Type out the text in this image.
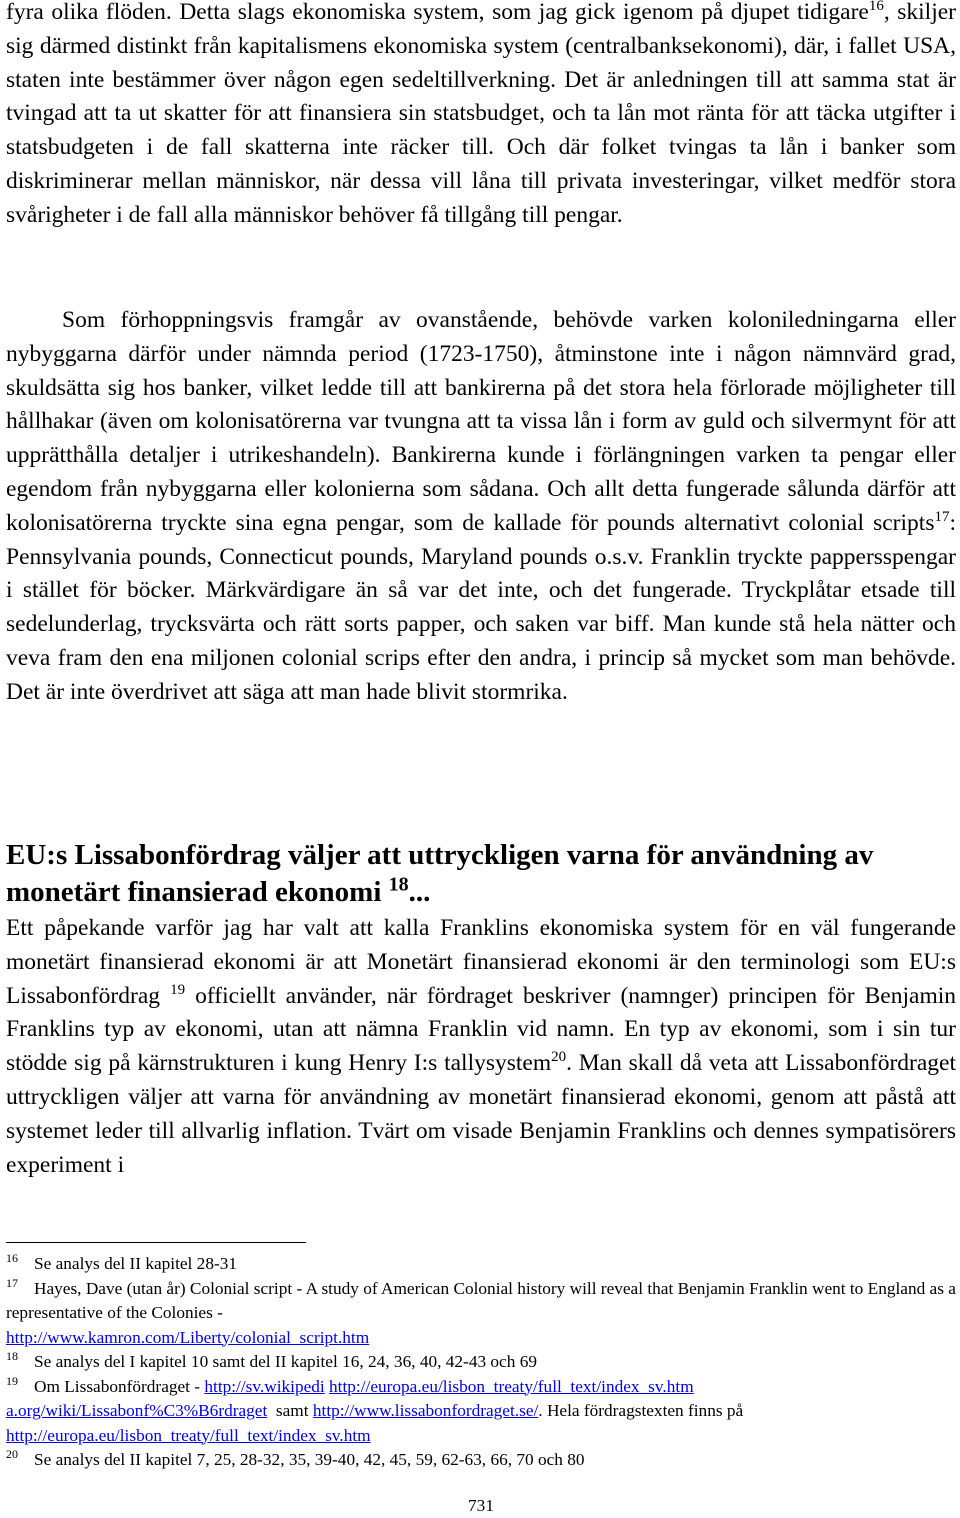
fyra olika flöden. Detta slags ekonomiska system, som jag gick igenom på djupet tidigare$^{16}$, skiljer sig därmed distinkt från kapitalismens ekonomiska system (centralbanksekonomi), där, i fallet USA, staten inte bestämmer över någon egen sedeltillverkning. Det är anledningen till att samma stat är tvingad att ta ut skatter för att finansiera sin statsbudget, och ta lån mot ränta för att täcka utgifter i statsbudgeten i de fall skatterna inte räcker till. Och där folket tvingas ta lån i banker som diskriminerar mellan människor, när dessa vill låna till privata investeringar, vilket medför stora svårigheter i de fall alla människor behöver få tillgång till pengar.

Som förhoppningsvis framgår av ovanstående, behövde varken koloniledningarna eller nybyggarna därför under nämnda period (1723-1750), åtminstone inte i någon nämnvärd grad, skuldsätta sig hos banker, vilket ledde till att bankirerna på det stora hela förlorade möjligheter till hållhakar (även om kolonisatörerna var tvungna att ta vissa lån i form av guld och silvermynt för att upprätthålla detaljer i utrikeshandeln). Bankirerna kunde i förlängningen varken ta pengar eller egendom från nybyggarna eller kolonierna som sådana. Och allt detta fungerade sålunda därför att kolonisatörerna tryckte sina egna pengar, som de kallade för pounds alternativt colonial scripts$^{17}$: Pennsylvania pounds, Connecticut pounds, Maryland pounds o.s.v. Franklin tryckte pappersspengar i stället för böcker. Märkvärdigare än så var det inte, och det fungerade. Tryckplåtar etsade till sedelunderlag, trycksvärta och rätt sorts papper, och saken var biff. Man kunde stå hela nätter och veva fram den ena miljonen colonial scrips efter den andra, i princip så mycket som man behövde. Det är inte överdrivet att säga att man hade blivit stormrika.

EU:s Lissabonfördrag väljer att uttryckligen varna för användning av monetärt finansierad ekonomi $^{18}$...

Ett påpekande varför jag har valt att kalla Franklins ekonomiska system för en väl fungerande monetärt finansierad ekonomi är att Monetärt finansierad ekonomi är den terminologi som EU:s Lissabonfördrag $^{19}$ officiellt använder, när fördraget beskriver (namnger) principen för Benjamin Franklins typ av ekonomi, utan att nämna Franklin vid namn. En typ av ekonomi, som i sin tur stödde sig på kärnstrukturen i kung Henry I:s tallysystem$^{20}$. Man skall då veta att Lissabonfördraget uttryckligen väljer att varna för användning av monetärt finansierad ekonomi, genom att påstå att systemet leder till allvarlig inflation. Tvärt om visade Benjamin Franklins och dennes sympatisörers experiment i

16 Se analys del II kapitel 28-31

17 Hayes, Dave (utan år) Colonial script - A study of American Colonial history will reveal that Benjamin Franklin went to England as a representative of the Colonies -
http://www.kamron.com/Liberty/colonial_script.htm

18 Se analys del I kapitel 10 samt del II kapitel 16, 24, 36, 40, 42-43 och 69

19 Om Lissabonfördraget - http://sv.wikipedi http://europa.eu/lisbon_treaty/full_text/index_sv.htm
a.org/wiki/Lissabonf%C3%B6rdraget  samt http://www.lissabonfordraget.se/. Hela fördragstexten finns på
http://europa.eu/lisbon_treaty/full_text/index_sv.htm

20 Se analys del II kapitel 7, 25, 28-32, 35, 39-40, 42, 45, 59, 62-63, 66, 70 och 80

731
